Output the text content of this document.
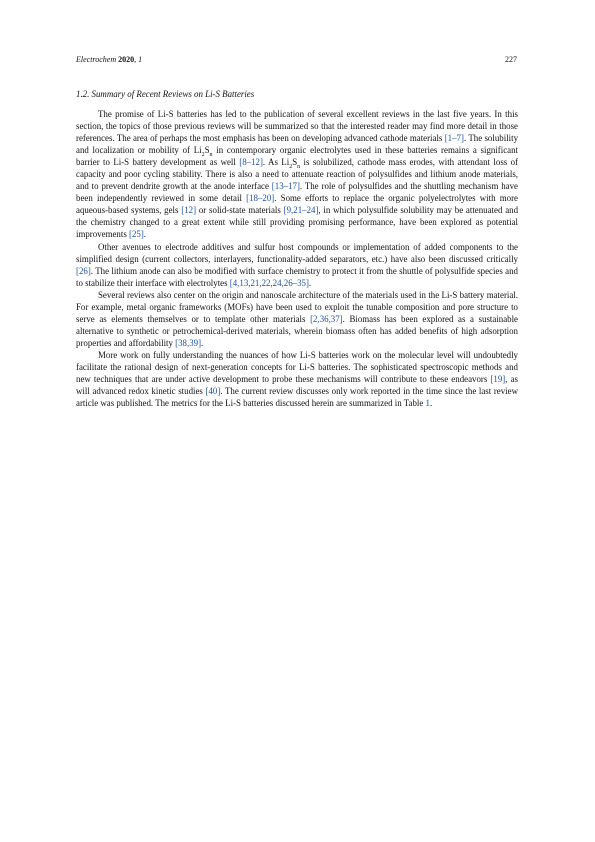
Electrochem 2020, 1	227
1.2. Summary of Recent Reviews on Li-S Batteries

The promise of Li-S batteries has led to the publication of several excellent reviews in the last five years. In this section, the topics of those previous reviews will be summarized so that the interested reader may find more detail in those references. The area of perhaps the most emphasis has been on developing advanced cathode materials [1–7]. The solubility and localization or mobility of $Li_2S_n$ in contemporary organic electrolytes used in these batteries remains a significant barrier to Li-S battery development as well [8–12]. As $Li_2S_n$ is solubilized, cathode mass erodes, with attendant loss of capacity and poor cycling stability. There is also a need to attenuate reaction of polysulfides and lithium anode materials, and to prevent dendrite growth at the anode interface [13–17]. The role of polysulfides and the shuttling mechanism have been independently reviewed in some detail [18–20]. Some efforts to replace the organic polyelectrolytes with more aqueous-based systems, gels [12] or solid-state materials [9,21–24], in which polysulfide solubility may be attenuated and the chemistry changed to a great extent while still providing promising performance, have been explored as potential improvements [25].

Other avenues to electrode additives and sulfur host compounds or implementation of added components to the simplified design (current collectors, interlayers, functionality-added separators, etc.) have also been discussed critically [26]. The lithium anode can also be modified with surface chemistry to protect it from the shuttle of polysulfide species and to stabilize their interface with electrolytes [4,13,21,22,24,26–35].

Several reviews also center on the origin and nanoscale architecture of the materials used in the Li-S battery material. For example, metal organic frameworks (MOFs) have been used to exploit the tunable composition and pore structure to serve as elements themselves or to template other materials [2,36,37]. Biomass has been explored as a sustainable alternative to synthetic or petrochemical-derived materials, wherein biomass often has added benefits of high adsorption properties and affordability [38,39].

More work on fully understanding the nuances of how Li-S batteries work on the molecular level will undoubtedly facilitate the rational design of next-generation concepts for Li-S batteries. The sophisticated spectroscopic methods and new techniques that are under active development to probe these mechanisms will contribute to these endeavors [19], as will advanced redox kinetic studies [40]. The current review discusses only work reported in the time since the last review article was published. The metrics for the Li-S batteries discussed herein are summarized in Table 1.
